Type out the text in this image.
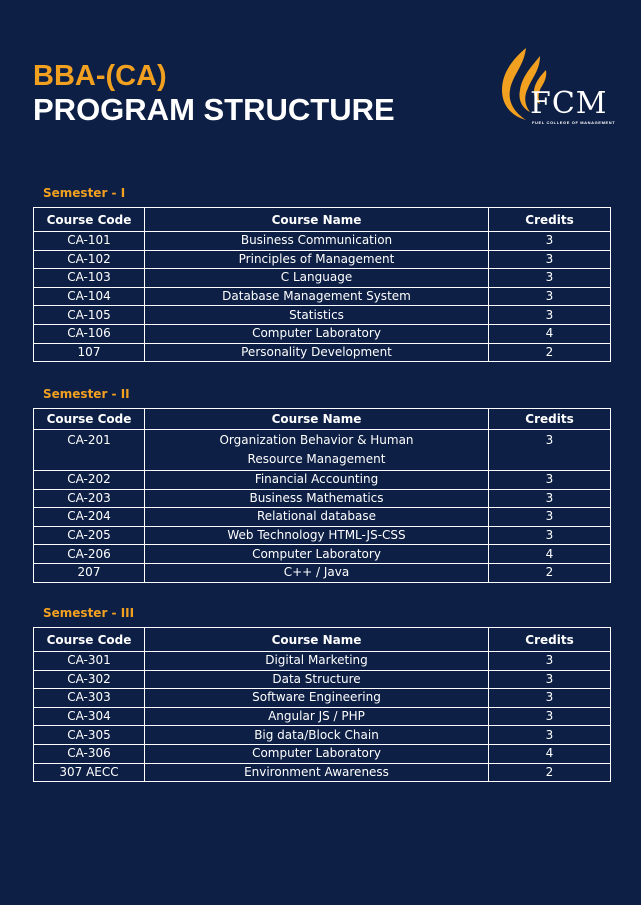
BBA-(CA)
PROGRAM STRUCTURE	FCM
FUEL COLLEGE OF MANAGEMENT
Semester - I
Course Code	Course Name	Credits
CA-101	Business Communication	3
CA-102	Principles of Management	3
CA-103	C Language	3
CA-104	Database Management System	3
CA-105	Statistics	3
CA-106	Computer Laboratory	4
107	Personality Development	2
Semester - II
Course Code	Course Name	Credits
CA-201	Organization Behavior & Human
Resource Management	3
CA-202	Financial Accounting	3
CA-203	Business Mathematics	3
CA-204	Relational database	3
CA-205	Web Technology HTML-JS-CSS	3
CA-206	Computer Laboratory	4
207	C++ / Java	2
Semester - III
Course Code	Course Name	Credits
CA-301	Digital Marketing	3
CA-302	Data Structure	3
CA-303	Software Engineering	3
CA-304	Angular JS / PHP	3
CA-305	Big data/Block Chain	3
CA-306	Computer Laboratory	4
307 AECC	Environment Awareness	2
